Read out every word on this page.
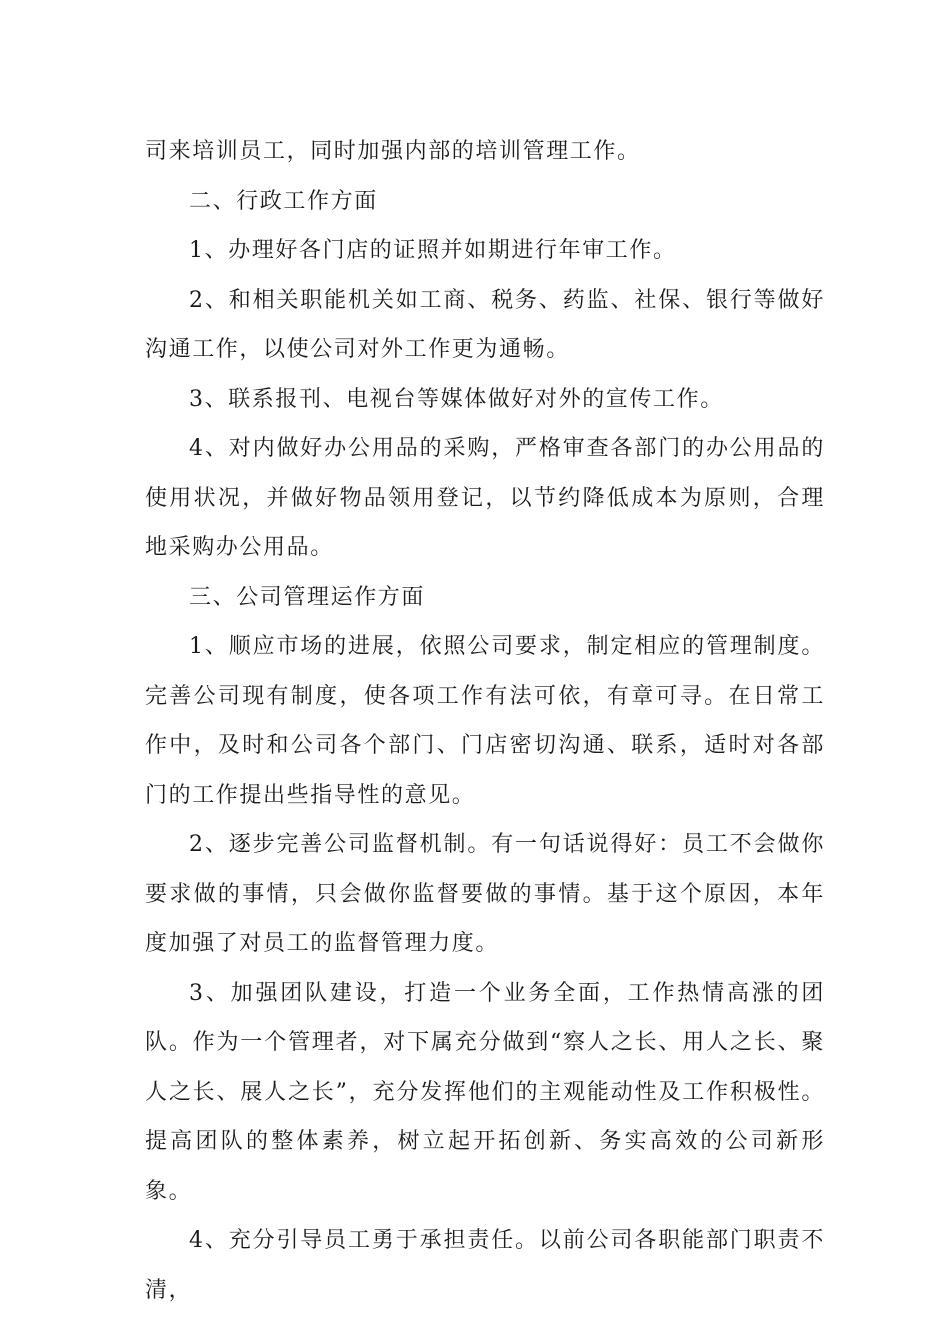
司来培训员工，同时加强内部的培训管理工作。

二、行政工作方面

1、办理好各门店的证照并如期进行年审工作。

2、和相关职能机关如工商、税务、药监、社保、银行等做好沟通工作，以使公司对外工作更为通畅。

3、联系报刊、电视台等媒体做好对外的宣传工作。

4、对内做好办公用品的采购，严格审查各部门的办公用品的使用状况，并做好物品领用登记，以节约降低成本为原则，合理地采购办公用品。

三、公司管理运作方面

1、顺应市场的进展，依照公司要求，制定相应的管理制度。完善公司现有制度，使各项工作有法可依，有章可寻。在日常工作中，及时和公司各个部门、门店密切沟通、联系，适时对各部门的工作提出些指导性的意见。

2、逐步完善公司监督机制。有一句话说得好：员工不会做你要求做的事情，只会做你监督要做的事情。基于这个原因，本年度加强了对员工的监督管理力度。

3、加强团队建设，打造一个业务全面，工作热情高涨的团队。作为一个管理者，对下属充分做到“察人之长、用人之长、聚人之长、展人之长”，充分发挥他们的主观能动性及工作积极性。提高团队的整体素养，树立起开拓创新、务实高效的公司新形象。

4、充分引导员工勇于承担责任。以前公司各职能部门职责不清，
